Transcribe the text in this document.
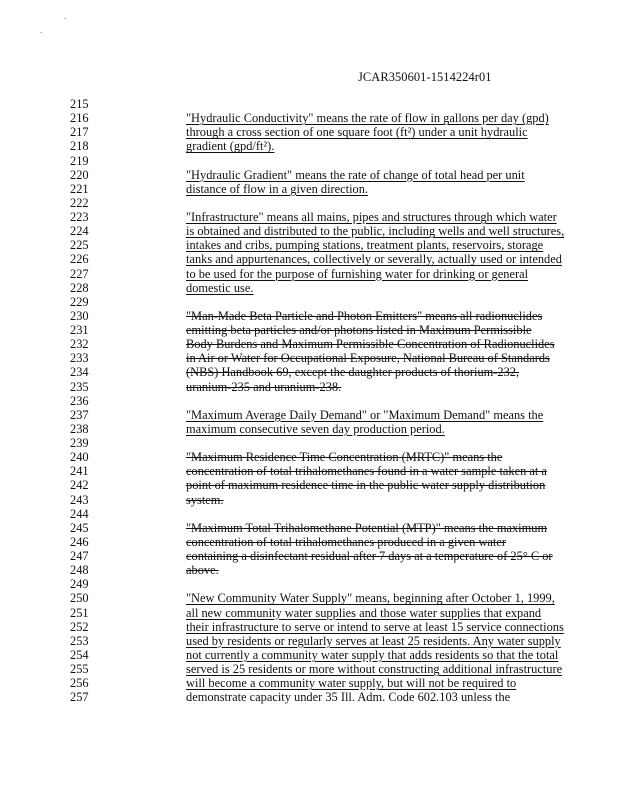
JCAR350601-1514224r01
215
216	"Hydraulic Conductivity" means the rate of flow in gallons per day (gpd)
217	through a cross section of one square foot (ft²) under a unit hydraulic
218	gradient (gpd/ft²).
219
220	"Hydraulic Gradient" means the rate of change of total head per unit
221	distance of flow in a given direction.
222
223	"Infrastructure" means all mains, pipes and structures through which water
224	is obtained and distributed to the public, including wells and well structures,
225	intakes and cribs, pumping stations, treatment plants, reservoirs, storage
226	tanks and appurtenances, collectively or severally, actually used or intended
227	to be used for the purpose of furnishing water for drinking or general
228	domestic use.
229
230	"Man-Made Beta Particle and Photon Emitters" means all radionuclides
231	emitting beta particles and/or photons listed in Maximum Permissible
232	Body Burdens and Maximum Permissible Concentration of Radionuclides
233	in Air or Water for Occupational Exposure, National Bureau of Standards
234	(NBS) Handbook 69, except the daughter products of thorium-232,
235	uranium-235 and uranium-238.
236
237	"Maximum Average Daily Demand" or "Maximum Demand" means the
238	maximum consecutive seven day production period.
239
240	"Maximum Residence Time Concentration (MRTC)" means the
241	concentration of total trihalomethanes found in a water sample taken at a
242	point of maximum residence time in the public water supply distribution
243	system.
244
245	"Maximum Total Trihalomethane Potential (MTP)" means the maximum
246	concentration of total trihalomethanes produced in a given water
247	containing a disinfectant residual after 7 days at a temperature of 25° C or
248	above.
249
250	"New Community Water Supply" means, beginning after October 1, 1999,
251	all new community water supplies and those water supplies that expand
252	their infrastructure to serve or intend to serve at least 15 service connections
253	used by residents or regularly serves at least 25 residents. Any water supply
254	not currently a community water supply that adds residents so that the total
255	served is 25 residents or more without constructing additional infrastructure
256	will become a community water supply, but will not be required to
257	demonstrate capacity under 35 Ill. Adm. Code 602.103 unless the
